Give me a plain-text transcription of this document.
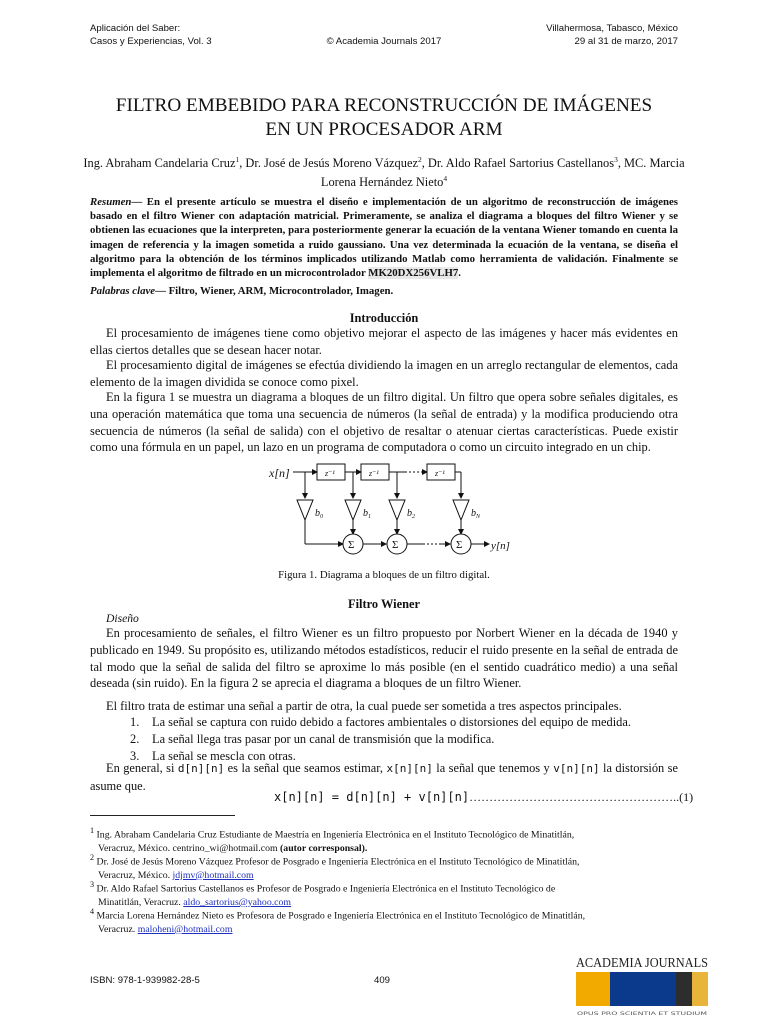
Aplicación del Saber:
Casos y Experiencias, Vol. 3	© Academia Journals 2017
Villahermosa, Tabasco, México
29 al 31 de marzo, 2017
FILTRO EMBEBIDO PARA RECONSTRUCCIÓN DE IMÁGENES
EN UN PROCESADOR ARM
Ing. Abraham Candelaria Cruz$^1$, Dr. José de Jesús Moreno Vázquez$^2$, Dr. Aldo Rafael Sartorius Castellanos$^3$, MC. Marcia Lorena Hernández Nieto$^4$
Resumen— En el presente artículo se muestra el diseño e implementación de un algoritmo de reconstrucción de imágenes basado en el filtro Wiener con adaptación matricial. Primeramente, se analiza el diagrama a bloques del filtro Wiener y se obtienen las ecuaciones que la interpreten, para posteriormente generar la ecuación de la ventana Wiener tomando en cuenta la imagen de referencia y la imagen sometida a ruido gaussiano. Una vez determinada la ecuación de la ventana, se diseña el algoritmo para la obtención de los términos implicados utilizando Matlab como herramienta de validación. Finalmente se implementa el algoritmo de filtrado en un microcontrolador MK20DX256VLH7.
Palabras clave— Filtro, Wiener, ARM, Microcontrolador, Imagen.
Introducción
El procesamiento de imágenes tiene como objetivo mejorar el aspecto de las imágenes y hacer más evidentes en ellas ciertos detalles que se desean hacer notar.
El procesamiento digital de imágenes se efectúa dividiendo la imagen en un arreglo rectangular de elementos, cada elemento de la imagen dividida se conoce como pixel.
En la figura 1 se muestra un diagrama a bloques de un filtro digital. Un filtro que opera sobre señales digitales, es una operación matemática que toma una secuencia de números (la señal de entrada) y la modifica produciendo otra secuencia de números (la señal de salida) con el objetivo de resaltar o atenuar ciertas características. Puede existir como una fórmula en un papel, un lazo en un programa de computadora o como un circuito integrado en un chip.
x[n]	z⁻¹	z⁻¹	z⁻¹
$b_0$	$b_1$	$b_2$	$b_N$
Σ	Σ	Σ	y[n]
Figura 1. Diagrama a bloques de un filtro digital.
Filtro Wiener
Diseño
En procesamiento de señales, el filtro Wiener es un filtro propuesto por Norbert Wiener en la década de 1940 y publicado en 1949. Su propósito es, utilizando métodos estadísticos, reducir el ruido presente en la señal de entrada de tal modo que la señal de salida del filtro se aproxime lo más posible (en el sentido cuadrático medio) a una señal deseada (sin ruido). En la figura 2 se aprecia el diagrama a bloques de un filtro Wiener.
El filtro trata de estimar una señal a partir de otra, la cual puede ser sometida a tres aspectos principales.
1. La señal se captura con ruido debido a factores ambientales o distorsiones del equipo de medida.
2. La señal llega tras pasar por un canal de transmisión que la modifica.
3. La señal se mescla con otras.
En general, si d[n][n] es la señal que seamos estimar, x[n][n] la señal que tenemos y v[n][n] la distorsión se asume que.
x[n][n] = d[n][n] + v[n][n]……………………………………………..(1)
$^1$ Ing. Abraham Candelaria Cruz Estudiante de Maestría en Ingeniería Electrónica en el Instituto Tecnológico de Minatitlán,
Veracruz, México. centrino_wi@hotmail.com (autor corresponsal).
$^2$ Dr. José de Jesús Moreno Vázquez Profesor de Posgrado e Ingeniería Electrónica en el Instituto Tecnológico de Minatitlán,
Veracruz, México. jdjmv@hotmail.com
$^3$ Dr. Aldo Rafael Sartorius Castellanos es Profesor de Posgrado e Ingeniería Electrónica en el Instituto Tecnológico de
Minatitlán, Veracruz. aldo_sartorius@yahoo.com
$^4$ Marcia Lorena Hernández Nieto es Profesora de Posgrado e Ingeniería Electrónica en el Instituto Tecnológico de Minatitlán,
Veracruz. maloheni@hotmail.com
ISBN: 978-1-939982-28-5	409
ACADEMIA JOURNALS
OPUS PRO SCIENTIA ET STUDIUM
